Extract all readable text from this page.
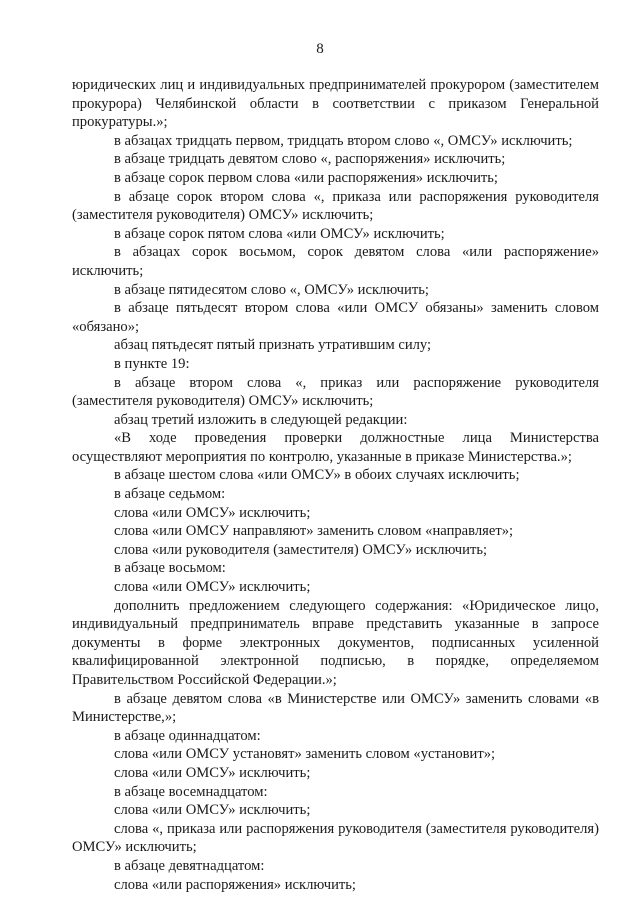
8

юридических лиц и индивидуальных предпринимателей прокурором (заместителем прокурора) Челябинской области в соответствии с приказом Генеральной прокуратуры.»;

в абзацах тридцать первом, тридцать втором слово «, ОМСУ» исключить;

в абзаце тридцать девятом слово «, распоряжения» исключить;

в абзаце сорок первом слова «или распоряжения» исключить;

в абзаце сорок втором слова «, приказа или распоряжения руководителя (заместителя руководителя) ОМСУ» исключить;

в абзаце сорок пятом слова «или ОМСУ» исключить;

в абзацах сорок восьмом, сорок девятом слова «или распоряжение» исключить;

в абзаце пятидесятом слово «, ОМСУ» исключить;

в абзаце пятьдесят втором слова «или ОМСУ обязаны» заменить словом «обязано»;

абзац пятьдесят пятый признать утратившим силу;

в пункте 19:

в абзаце втором слова «, приказ или распоряжение руководителя (заместителя руководителя) ОМСУ» исключить;

абзац третий изложить в следующей редакции:

«В ходе проведения проверки должностные лица Министерства осуществляют мероприятия по контролю, указанные в приказе Министерства.»;

в абзаце шестом слова «или ОМСУ» в обоих случаях исключить;

в абзаце седьмом:

слова «или ОМСУ» исключить;

слова «или ОМСУ направляют» заменить словом «направляет»;

слова «или руководителя (заместителя) ОМСУ» исключить;

в абзаце восьмом:

слова «или ОМСУ» исключить;

дополнить предложением следующего содержания: «Юридическое лицо, индивидуальный предприниматель вправе представить указанные в запросе документы в форме электронных документов, подписанных усиленной квалифицированной электронной подписью, в порядке, определяемом Правительством Российской Федерации.»;

в абзаце девятом слова «в Министерстве или ОМСУ» заменить словами «в Министерстве,»;

в абзаце одиннадцатом:

слова «или ОМСУ установят» заменить словом «установит»;

слова «или ОМСУ» исключить;

в абзаце восемнадцатом:

слова «или ОМСУ» исключить;

слова «, приказа или распоряжения руководителя (заместителя руководителя) ОМСУ» исключить;

в абзаце девятнадцатом:

слова «или распоряжения» исключить;
